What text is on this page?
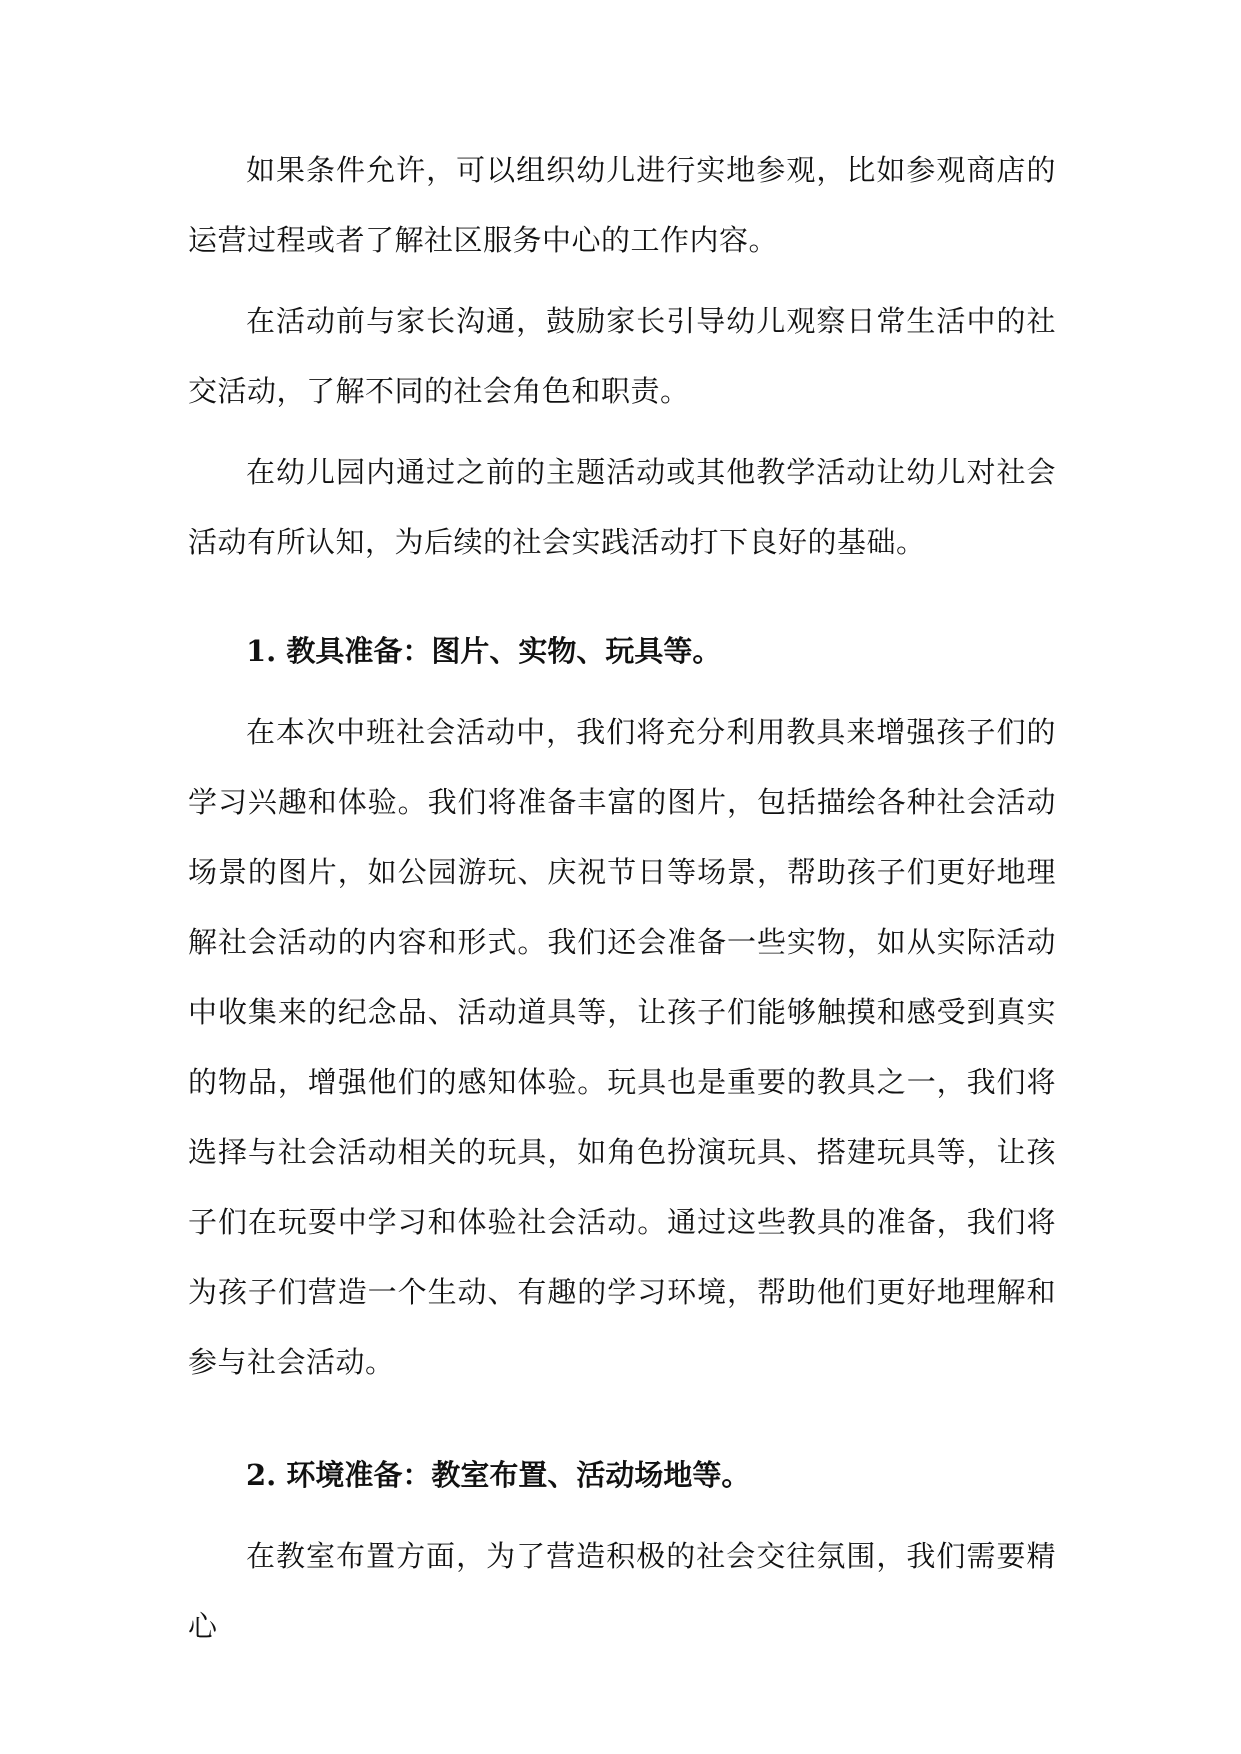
如果条件允许，可以组织幼儿进行实地参观，比如参观商店的运营过程或者了解社区服务中心的工作内容。

在活动前与家长沟通，鼓励家长引导幼儿观察日常生活中的社交活动，了解不同的社会角色和职责。

在幼儿园内通过之前的主题活动或其他教学活动让幼儿对社会活动有所认知，为后续的社会实践活动打下良好的基础。

1. 教具准备：图片、实物、玩具等。

在本次中班社会活动中，我们将充分利用教具来增强孩子们的学习兴趣和体验。我们将准备丰富的图片，包括描绘各种社会活动场景的图片，如公园游玩、庆祝节日等场景，帮助孩子们更好地理解社会活动的内容和形式。我们还会准备一些实物，如从实际活动中收集来的纪念品、活动道具等，让孩子们能够触摸和感受到真实的物品，增强他们的感知体验。玩具也是重要的教具之一，我们将选择与社会活动相关的玩具，如角色扮演玩具、搭建玩具等，让孩子们在玩耍中学习和体验社会活动。通过这些教具的准备，我们将为孩子们营造一个生动、有趣的学习环境，帮助他们更好地理解和参与社会活动。

2. 环境准备：教室布置、活动场地等。

在教室布置方面，为了营造积极的社会交往氛围，我们需要精心
